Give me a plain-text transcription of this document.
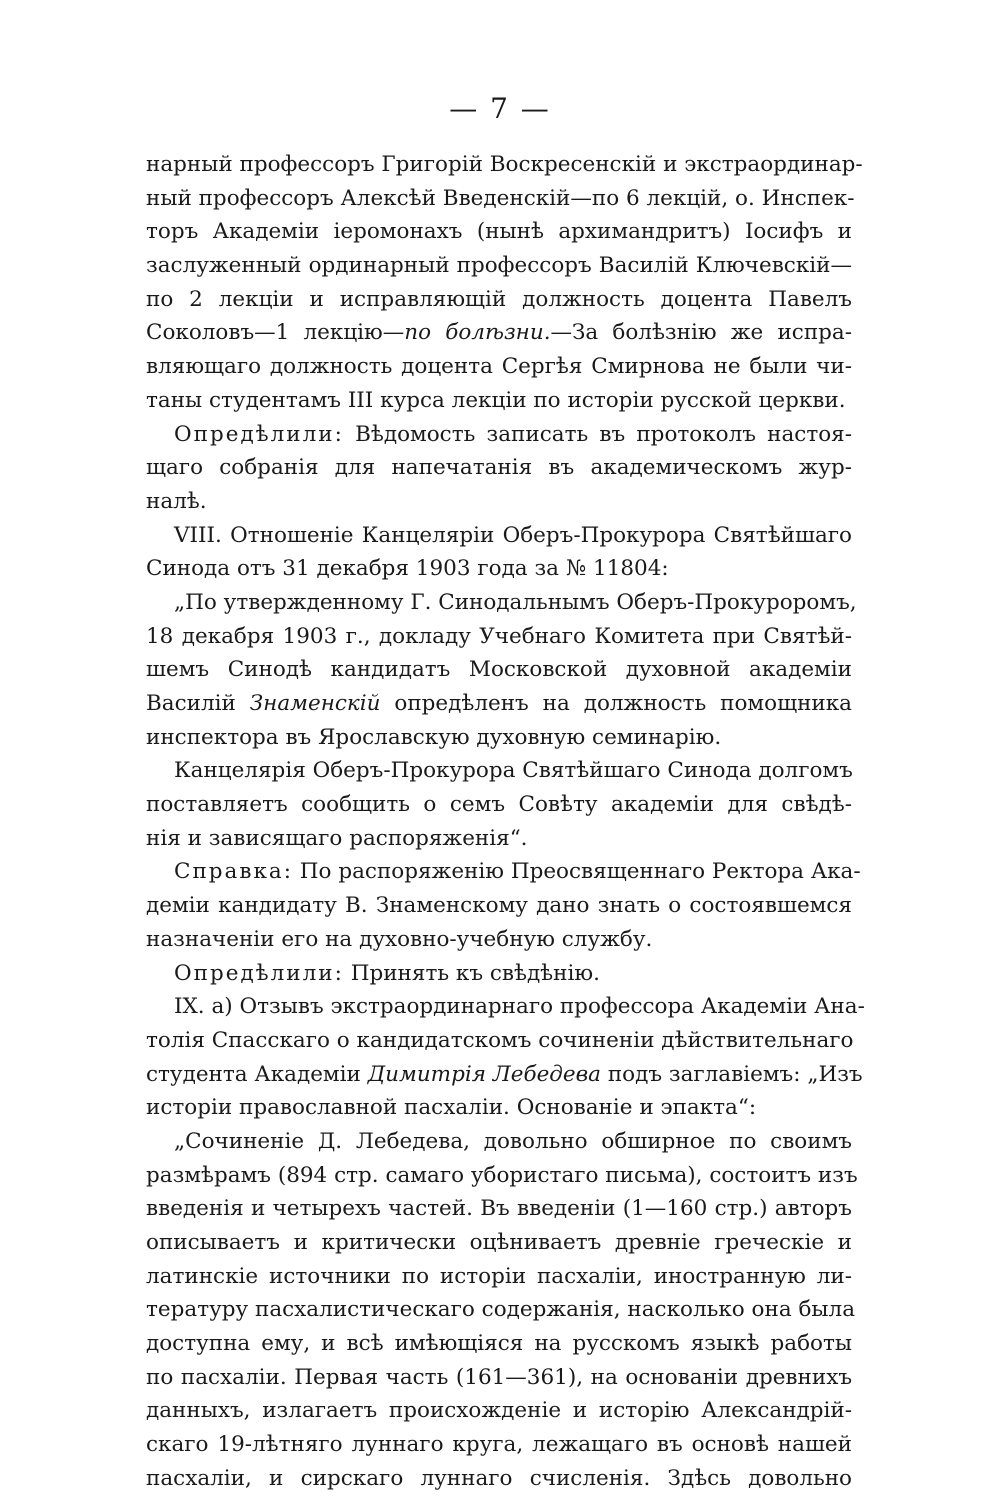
— 7 —
нарный профессоръ Григорій Воскресенскій и экстраординар-
ный профессоръ Алексѣй Введенскій—по 6 лекцій, о. Инспек-
торъ Академіи іеромонахъ (нынѣ архимандритъ) Іосифъ и
заслуженный ординарный профессоръ Василій Ключевскій—
по 2 лекціи и исправляющій должность доцента Павелъ
Соколовъ—1 лекцію—по болѣзни.—За болѣзнію же испра-
вляющаго должность доцента Сергѣя Смирнова не были чи-
таны студентамъ III курса лекціи по исторіи русской церкви.
Опредѣлили: Вѣдомость записать въ протоколъ настоя-
щаго собранія для напечатанія въ академическомъ жур-
налѣ.
VIII. Отношеніе Канцеляріи Оберъ-Прокурора Святѣйшаго
Синода отъ 31 декабря 1903 года за № 11804:
„По утвержденному Г. Синодальнымъ Оберъ-Прокуроромъ,
18 декабря 1903 г., докладу Учебнаго Комитета при Святѣй-
шемъ Синодѣ кандидатъ Московской духовной академіи
Василій Знаменскій опредѣленъ на должность помощника
инспектора въ Ярославскую духовную семинарію.
Канцелярія Оберъ-Прокурора Святѣйшаго Синода долгомъ
поставляетъ сообщить о семъ Совѣту академіи для свѣдѣ-
нія и зависящаго распоряженія“.
Справка: По распоряженію Преосвященнаго Ректора Ака-
деміи кандидату В. Знаменскому дано знать о состоявшемся
назначеніи его на духовно-учебную службу.
Опредѣлили: Принять къ свѣдѣнію.
IX. а) Отзывъ экстраординарнаго профессора Академіи Ана-
толія Спасскаго о кандидатскомъ сочиненіи дѣйствительнаго
студента Академіи Димитрія Лебедева подъ заглавіемъ: „Изъ
исторіи православной пасхаліи. Основаніе и эпакта“:
„Сочиненіе Д. Лебедева, довольно обширное по своимъ
размѣрамъ (894 стр. самаго убористаго письма), состоитъ изъ
введенія и четырехъ частей. Въ введеніи (1—160 стр.) авторъ
описываетъ и критически оцѣниваетъ древніе греческіе и
латинскіе источники по исторіи пасхаліи, иностранную ли-
тературу пасхалистическаго содержанія, насколько она была
доступна ему, и всѣ имѣющіяся на русскомъ языкѣ работы
по пасхаліи. Первая часть (161—361), на основаніи древнихъ
данныхъ, излагаетъ происхожденіе и исторію Александрій-
скаго 19-лѣтняго луннаго круга, лежащаго въ основѣ нашей
пасхаліи, и сирскаго луннаго счисленія. Здѣсь довольно
